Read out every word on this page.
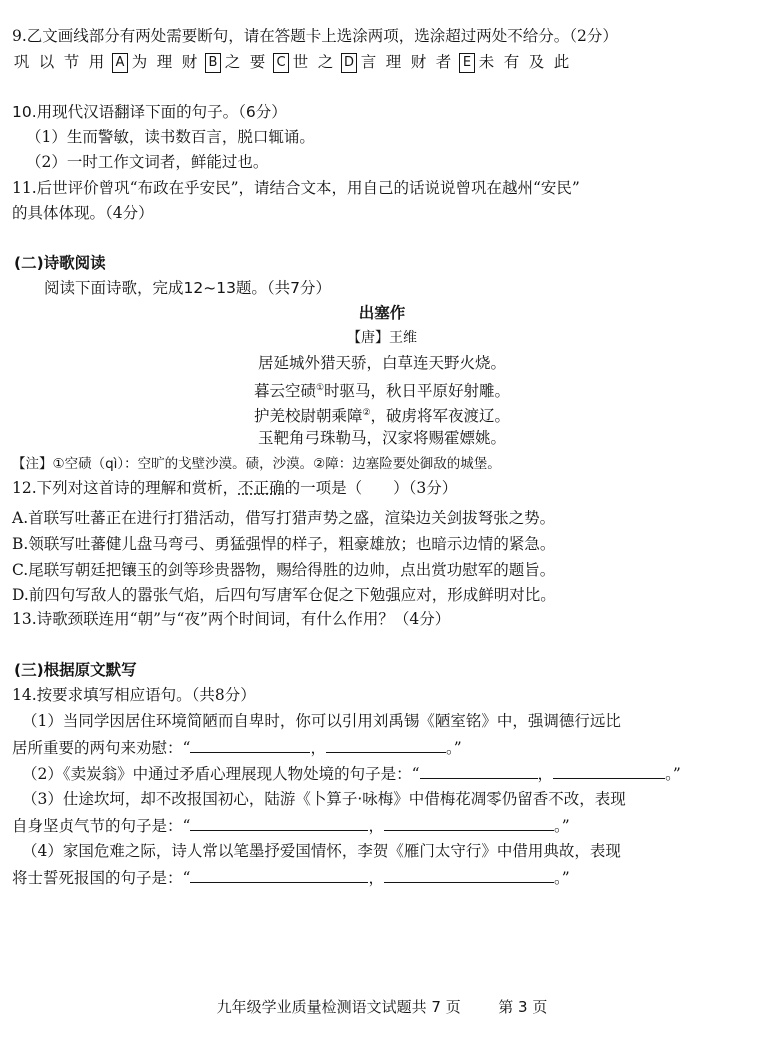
9.乙文画线部分有两处需要断句，请在答题卡上选涂两项，选涂超过两处不给分。（2分）
巩 以 节 用 A 为 理 财 B 之 要 C 世 之 D 言 理 财 者 E 未 有 及 此
10.用现代汉语翻译下面的句子。（6分）
（1）生而警敏，读书数百言，脱口辄诵。
（2）一时工作文词者，鲜能过也。
11.后世评价曾巩“布政在乎安民”，请结合文本，用自己的话说说曾巩在越州“安民”
的具体体现。（4分）
(二)诗歌阅读
阅读下面诗歌，完成12~13题。（共7分）
出塞作
【唐】王维
居延城外猎天骄，白草连天野火烧。
暮云空碛①时驱马，秋日平原好射雕。
护羌校尉朝乘障②，破虏将军夜渡辽。
玉靶角弓珠勒马，汉家将赐霍嫖姚。
【注】①空碛（qì）：空旷的戈壁沙漠。碛，沙漠。②障：边塞险要处御敌的城堡。
12.下列对这首诗的理解和赏析，不正确的一项是（　　）（3分）
A.首联写吐蕃正在进行打猎活动，借写打猎声势之盛，渲染边关剑拔弩张之势。
B.领联写吐蕃健儿盘马弯弓、勇猛强悍的样子，粗豪雄放；也暗示边情的紧急。
C.尾联写朝廷把镶玉的剑等珍贵器物，赐给得胜的边帅，点出赏功慰军的题旨。
D.前四句写敌人的嚣张气焰，后四句写唐军仓促之下勉强应对，形成鲜明对比。
13.诗歌颈联连用“朝”与“夜”两个时间词，有什么作用？（4分）
(三)根据原文默写
14.按要求填写相应语句。（共8分）
（1）当同学因居住环境简陋而自卑时，你可以引用刘禹锡《陋室铭》中，强调德行远比
居所重要的两句来劝慰：“	，	。”
（2）《卖炭翁》中通过矛盾心理展现人物处境的句子是：“	，	。”
（3）仕途坎坷，却不改报国初心，陆游《卜算子·咏梅》中借梅花凋零仍留香不改，表现
自身坚贞气节的句子是：“	，	。”
（4）家国危难之际，诗人常以笔墨抒爱国情怀，李贺《雁门太守行》中借用典故，表现
将士誓死报国的句子是：“	，	。”
九年级学业质量检测语文试题共 7 页	第 3 页
